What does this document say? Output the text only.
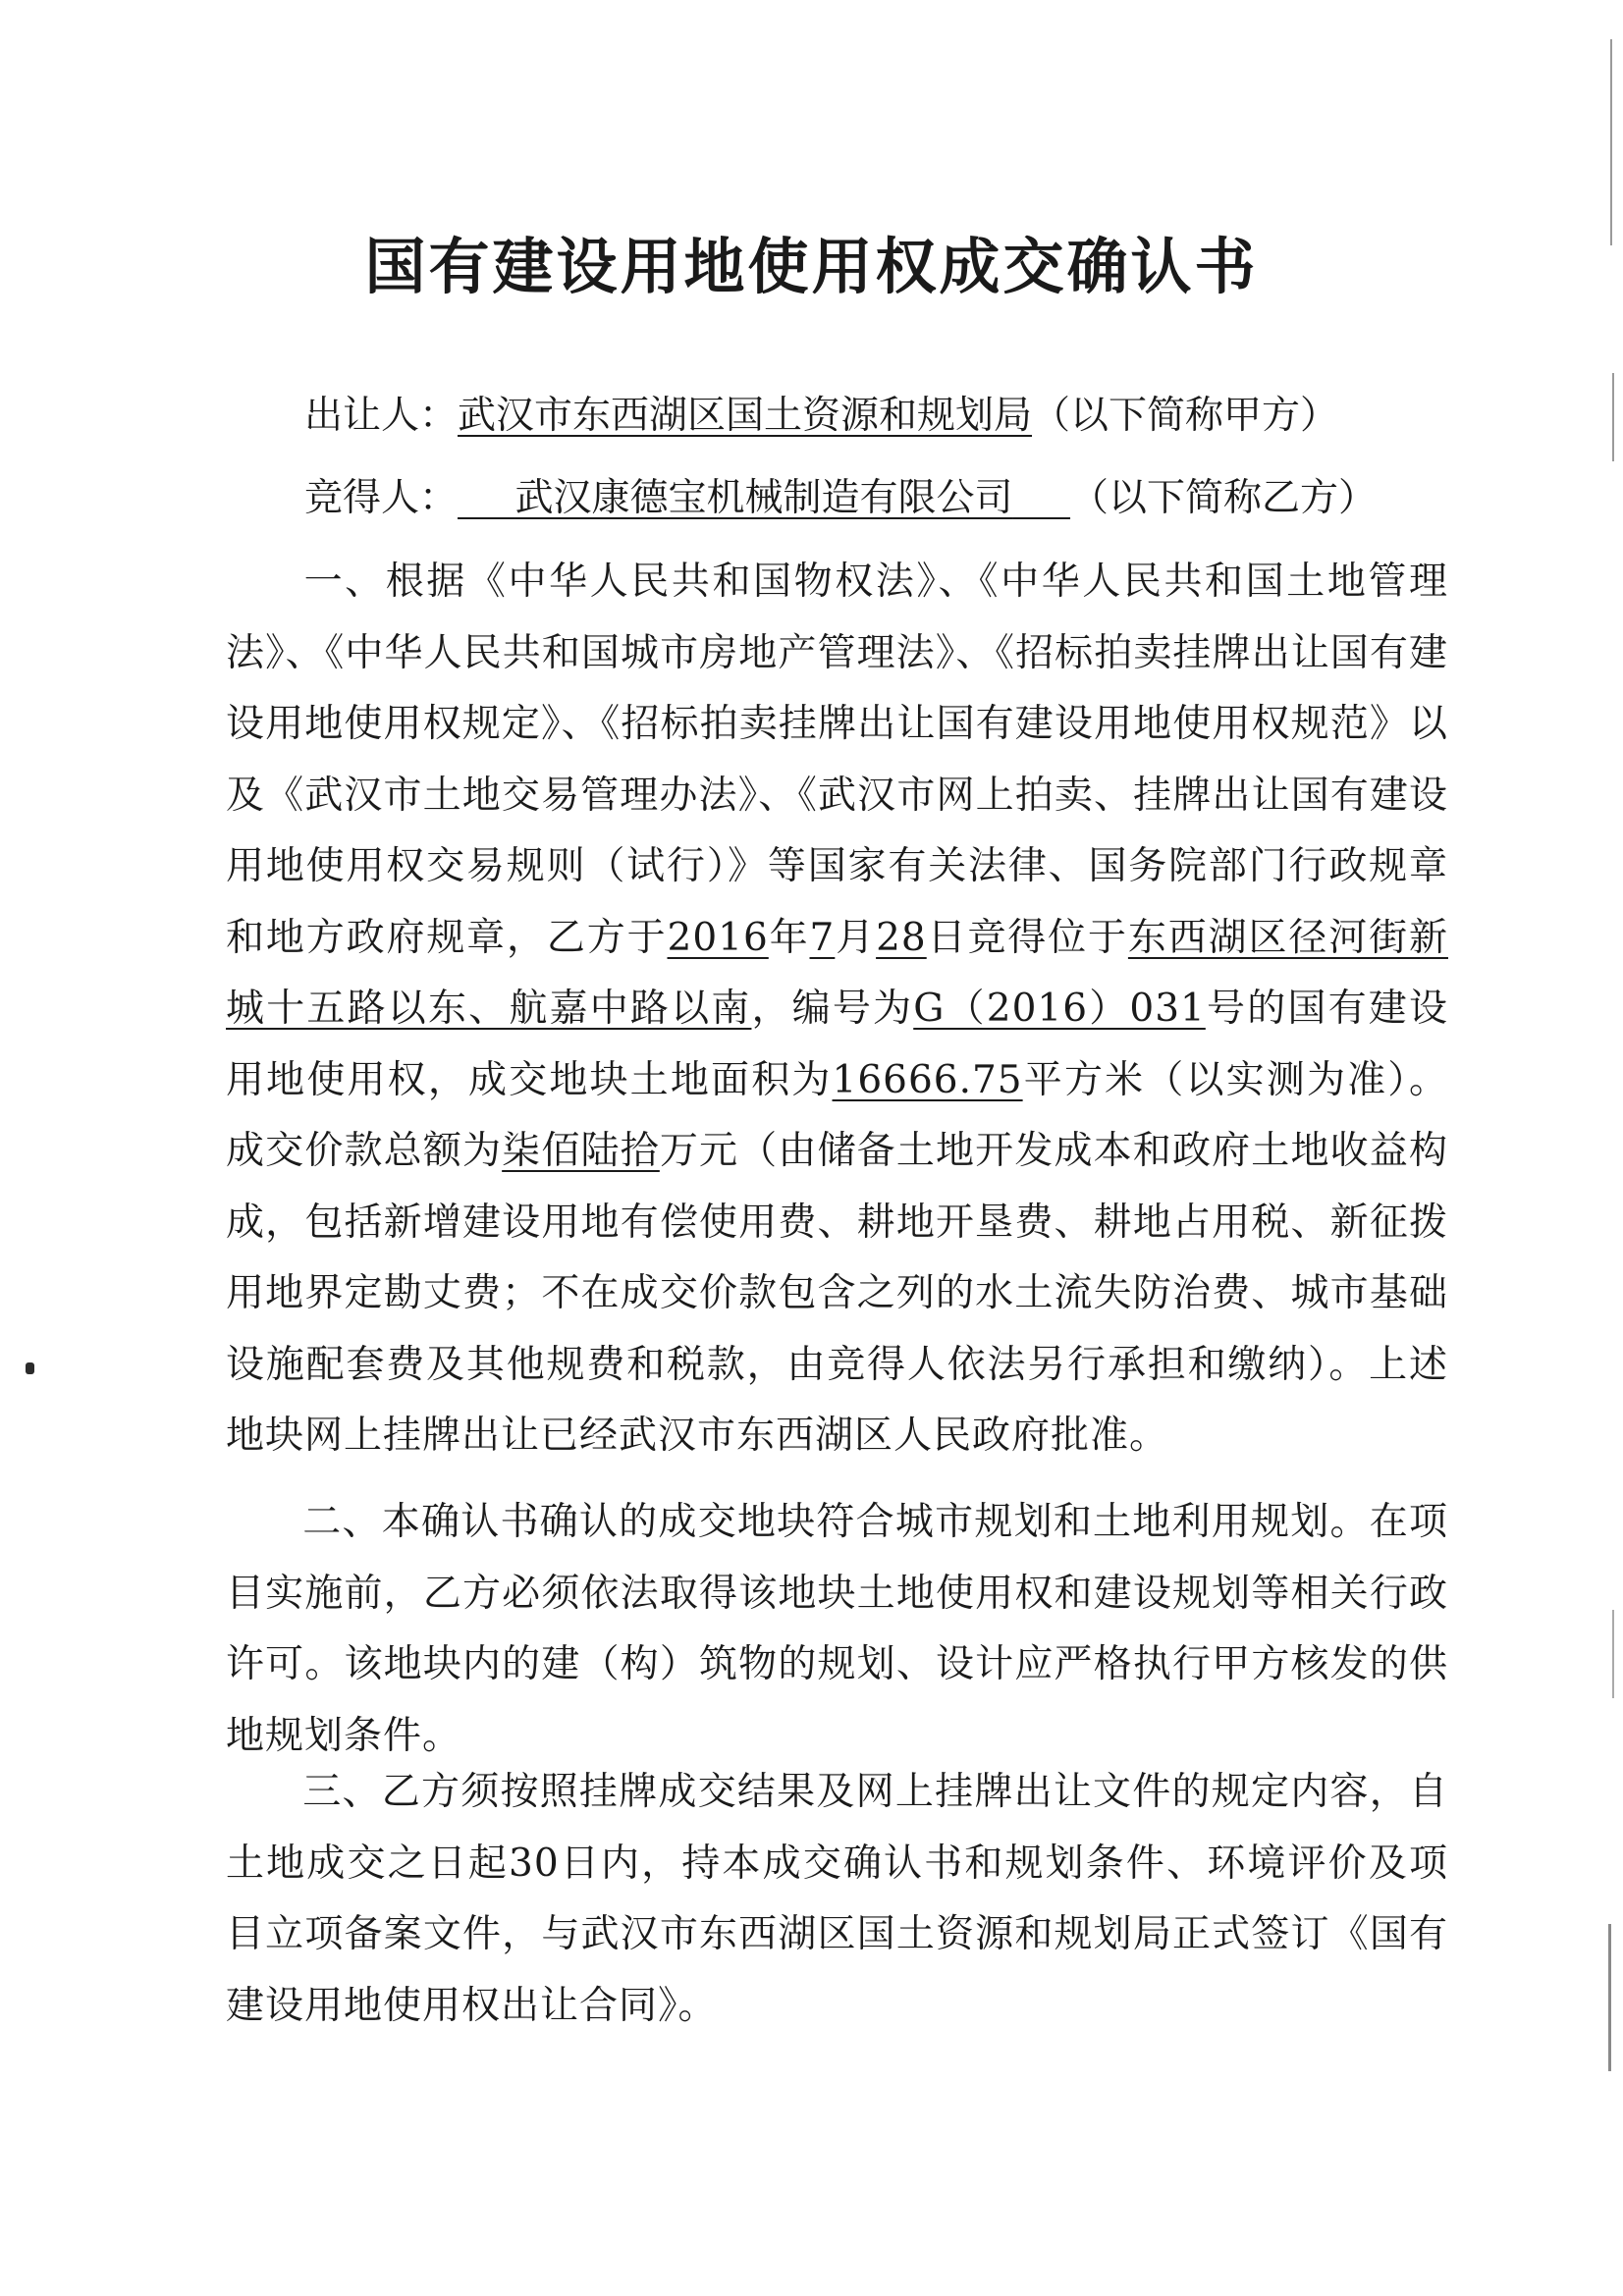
国有建设用地使用权成交确认书
出让人：武汉市东西湖区国土资源和规划局（以下简称甲方）
竞得人：   武汉康德宝机械制造有限公司   （以下简称乙方）

一、根据《中华人民共和国物权法》、《中华人民共和国土地管理法》、《中华人民共和国城市房地产管理法》、《招标拍卖挂牌出让国有建设用地使用权规定》、《招标拍卖挂牌出让国有建设用地使用权规范》以及《武汉市土地交易管理办法》、《武汉市网上拍卖、挂牌出让国有建设用地使用权交易规则（试行）》等国家有关法律、国务院部门行政规章和地方政府规章，乙方于2016年7月28日竞得位于东西湖区径河街新城十五路以东、航嘉中路以南，编号为G（2016）031号的国有建设用地使用权，成交地块土地面积为16666.75平方米（以实测为准）。成交价款总额为柒佰陆拾万元（由储备土地开发成本和政府土地收益构成，包括新增建设用地有偿使用费、耕地开垦费、耕地占用税、新征拨用地界定勘丈费；不在成交价款包含之列的水土流失防治费、城市基础设施配套费及其他规费和税款，由竞得人依法另行承担和缴纳）。上述地块网上挂牌出让已经武汉市东西湖区人民政府批准。

二、本确认书确认的成交地块符合城市规划和土地利用规划。在项目实施前，乙方必须依法取得该地块土地使用权和建设规划等相关行政许可。该地块内的建（构）筑物的规划、设计应严格执行甲方核发的供地规划条件。

三、乙方须按照挂牌成交结果及网上挂牌出让文件的规定内容，自土地成交之日起30日内，持本成交确认书和规划条件、环境评价及项目立项备案文件，与武汉市东西湖区国土资源和规划局正式签订《国有建设用地使用权出让合同》。
